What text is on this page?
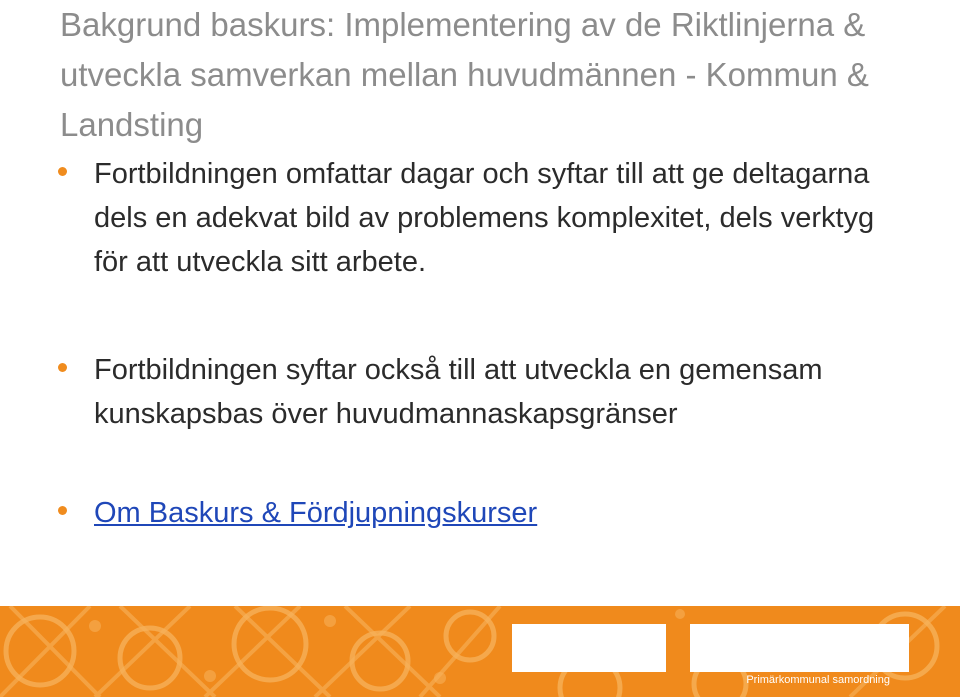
Bakgrund baskurs: Implementering av de Riktlinjerna & utveckla samverkan mellan huvudmännen - Kommun & Landsting
Fortbildningen omfattar dagar och syftar till att ge deltagarna dels en adekvat bild av problemens komplexitet, dels verktyg för att utveckla sitt arbete.
Fortbildningen syftar också till att utveckla en gemensam kunskapsbas över huvudmannaskapsgränser
Om Baskurs & Fördjupningskurser
Primärkommunal samordning
